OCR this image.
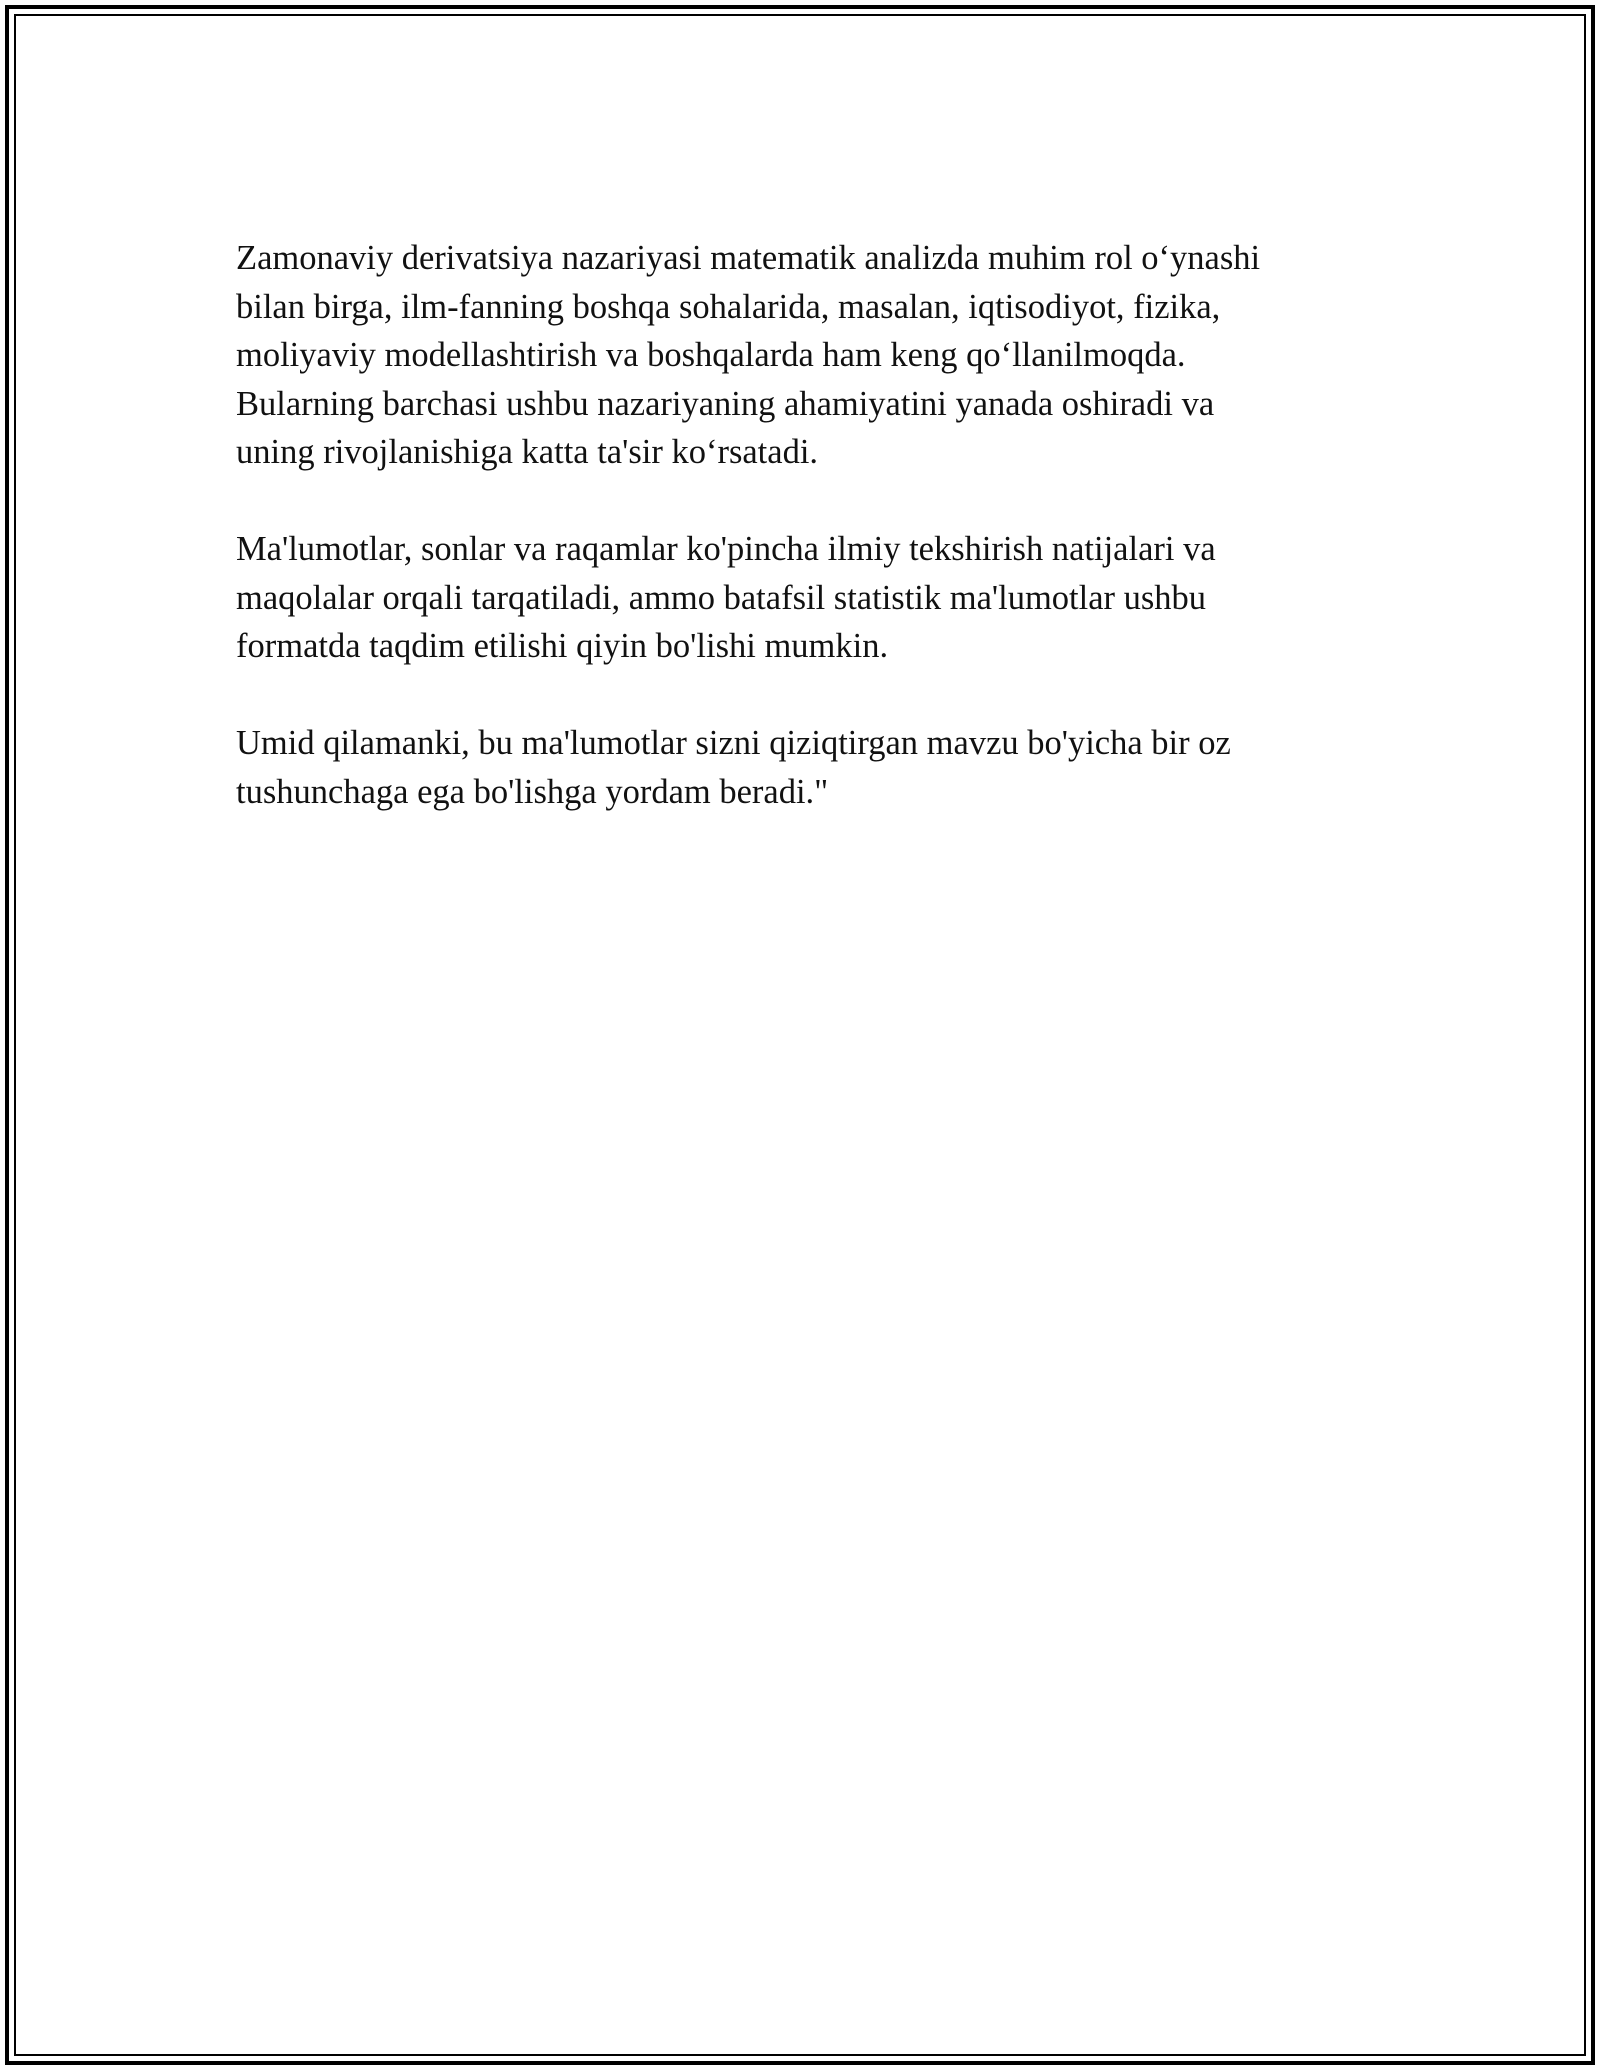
Zamonaviy derivatsiya nazariyasi matematik analizda muhim rol o‘ynashi
bilan birga, ilm-fanning boshqa sohalarida, masalan, iqtisodiyot, fizika,
moliyaviy modellashtirish va boshqalarda ham keng qo‘llanilmoqda.
Bularning barchasi ushbu nazariyaning ahamiyatini yanada oshiradi va
uning rivojlanishiga katta ta'sir ko‘rsatadi.

Ma'lumotlar, sonlar va raqamlar ko'pincha ilmiy tekshirish natijalari va
maqolalar orqali tarqatiladi, ammo batafsil statistik ma'lumotlar ushbu
formatda taqdim etilishi qiyin bo'lishi mumkin.

Umid qilamanki, bu ma'lumotlar sizni qiziqtirgan mavzu bo'yicha bir oz
tushunchaga ega bo'lishga yordam beradi."
